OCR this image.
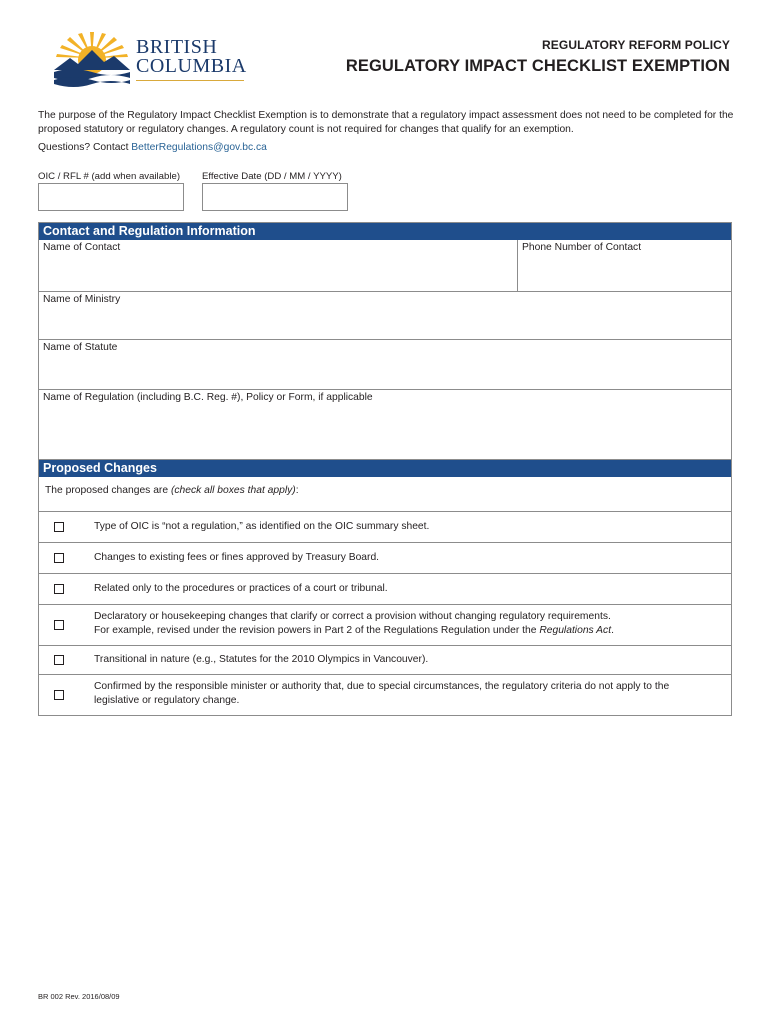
BRITISH
COLUMBIA
REGULATORY REFORM POLICY
REGULATORY IMPACT CHECKLIST EXEMPTION

The purpose of the Regulatory Impact Checklist Exemption is to demonstrate that a regulatory impact assessment does not need to be completed for the proposed statutory or regulatory changes. A regulatory count is not required for changes that qualify for an exemption.

Questions? Contact BetterRegulations@gov.bc.ca
OIC / RFL # (add when available) Effective Date (DD / MM / YYYY)
Contact and Regulation Information
Name of Contact	Phone Number of Contact
Name of Ministry
Name of Statute
Name of Regulation (including B.C. Reg. #), Policy or Form, if applicable
Proposed Changes
The proposed changes are (check all boxes that apply):
Type of OIC is “not a regulation,” as identified on the OIC summary sheet.
Changes to existing fees or fines approved by Treasury Board.
Related only to the procedures or practices of a court or tribunal.
Declaratory or housekeeping changes that clarify or correct a provision without changing regulatory requirements.
For example, revised under the revision powers in Part 2 of the Regulations Regulation under the Regulations Act.
Transitional in nature (e.g., Statutes for the 2010 Olympics in Vancouver).
Confirmed by the responsible minister or authority that, due to special circumstances, the regulatory criteria do not apply to the legislative or regulatory change.
BR 002 Rev. 2016/08/09
